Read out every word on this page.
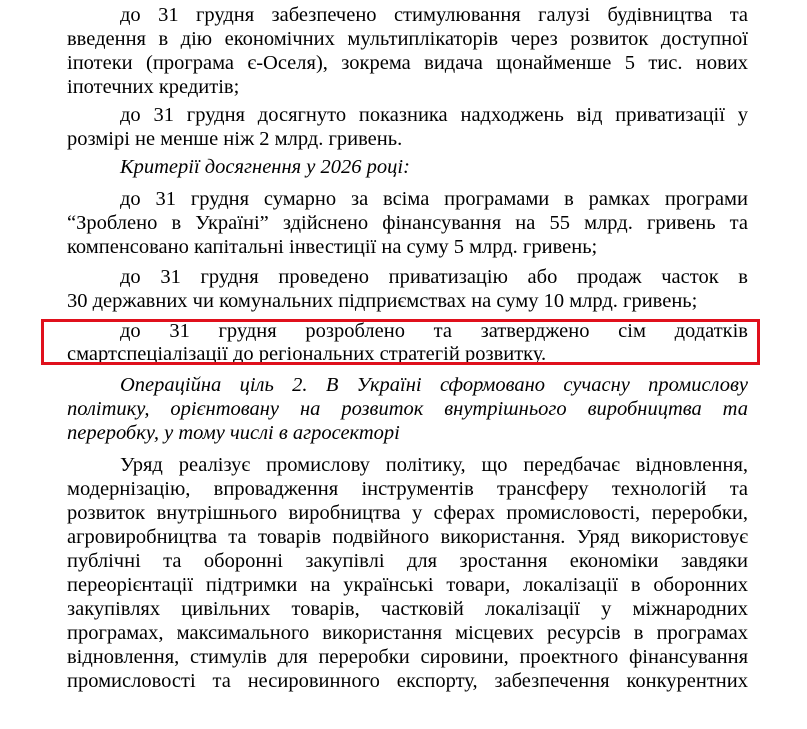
до 31 грудня забезпечено стимулювання галузі будівництва та
введення в дію економічних мультиплікаторів через розвиток доступної
іпотеки (програма є-Оселя), зокрема видача щонайменше 5 тис. нових
іпотечних кредитів;
до 31 грудня досягнуто показника надходжень від приватизації у
розмірі не менше ніж 2 млрд. гривень.
Критерії досягнення у 2026 році:
до 31 грудня сумарно за всіма програмами в рамках програми
“Зроблено в Україні” здійснено фінансування на 55 млрд. гривень та
компенсовано капітальні інвестиції на суму 5 млрд. гривень;
до 31 грудня проведено приватизацію або продаж часток в
30 державних чи комунальних підприємствах на суму 10 млрд. гривень;
до 31 грудня розроблено та затверджено сім додатків
смартспеціалізації до регіональних стратегій розвитку.
Операційна ціль 2. В Україні сформовано сучасну промислову
політику, орієнтовану на розвиток внутрішнього виробництва та
переробку, у тому числі в агросекторі
Уряд реалізує промислову політику, що передбачає відновлення,
модернізацію, впровадження інструментів трансферу технологій та
розвиток внутрішнього виробництва у сферах промисловості, переробки,
агровиробництва та товарів подвійного використання. Уряд використовує
публічні та оборонні закупівлі для зростання економіки завдяки
переорієнтації підтримки на українські товари, локалізації в оборонних
закупівлях цивільних товарів, частковій локалізації у міжнародних
програмах, максимального використання місцевих ресурсів в програмах
відновлення, стимулів для переробки сировини, проектного фінансування
промисловості та несировинного експорту, забезпечення конкурентних
